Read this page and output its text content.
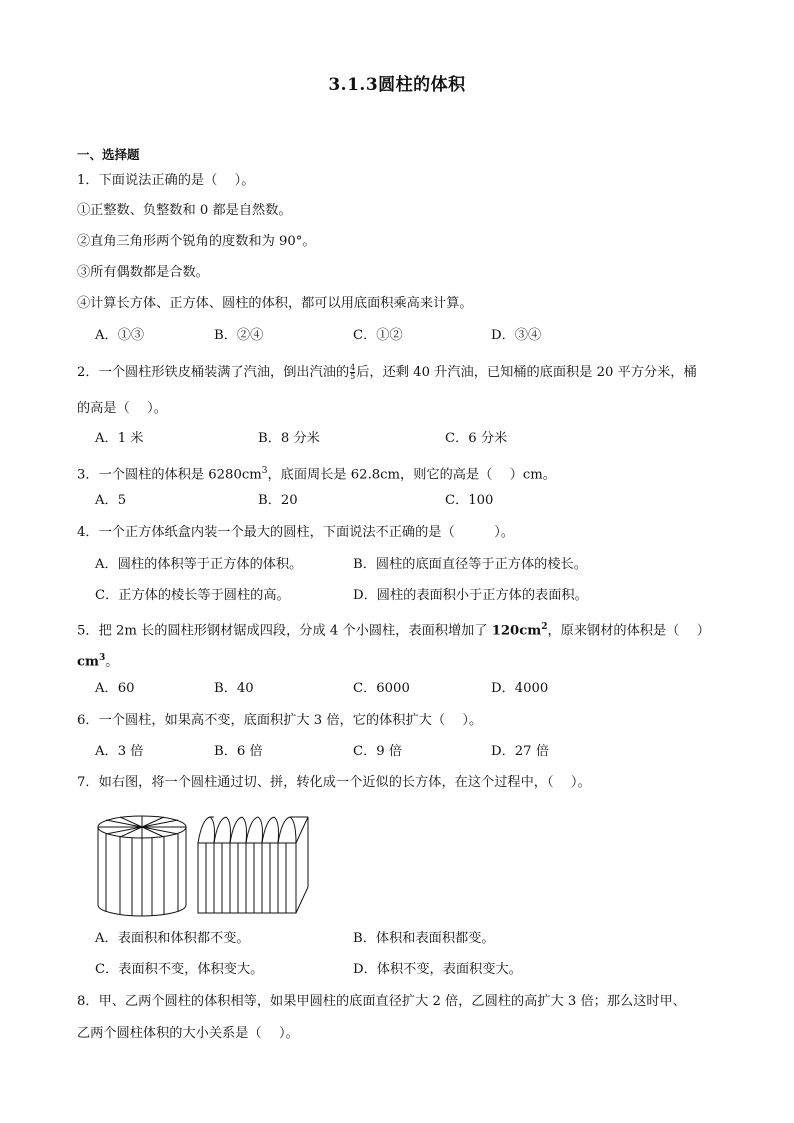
3.1.3圆柱的体积
一、选择题
1．下面说法正确的是（　 ）。
①正整数、负整数和 0 都是自然数。
②直角三角形两个锐角的度数和为 90°。
③所有偶数都是合数。
④计算长方体、正方体、圆柱的体积，都可以用底面积乘高来计算。
A．①③	B．②④	C．①②	D．③④
2．一个圆柱形铁皮桶装满了汽油，倒出汽油的 $\frac{4}{5}$ 后，还剩 40 升汽油，已知桶的底面积是 20 平方分米，桶
的高是（　 ）。
A．1 米	B．8 分米	C．6 分米
3．一个圆柱的体积是 $6280cm^3$，底面周长是 62.8cm，则它的高是（　 ）cm。
A．5	B．20	C．100
4．一个正方体纸盒内装一个最大的圆柱，下面说法不正确的是（　　　）。
A．圆柱的体积等于正方体的体积。	B．圆柱的底面直径等于正方体的棱长。
C．正方体的棱长等于圆柱的高。	D．圆柱的表面积小于正方体的表面积。
5．把 2m 长的圆柱形钢材锯成四段，分成 4 个小圆柱，表面积增加了 $120cm^2$，原来钢材的体积是（　 ）
$cm^3$。
A．60	B．40	C．6000	D．4000
6．一个圆柱，如果高不变，底面积扩大 3 倍，它的体积扩大（　 ）。
A．3 倍	B．6 倍	C．9 倍	D．27 倍
7．如右图，将一个圆柱通过切、拼，转化成一个近似的长方体，在这个过程中，（　 ）。
A．表面积和体积都不变。	B．体积和表面积都变。
C．表面积不变，体积变大。	D．体积不变，表面积变大。
8．甲、乙两个圆柱的体积相等，如果甲圆柱的底面直径扩大 2 倍，乙圆柱的高扩大 3 倍；那么这时甲、
乙两个圆柱体积的大小关系是（　 ）。
